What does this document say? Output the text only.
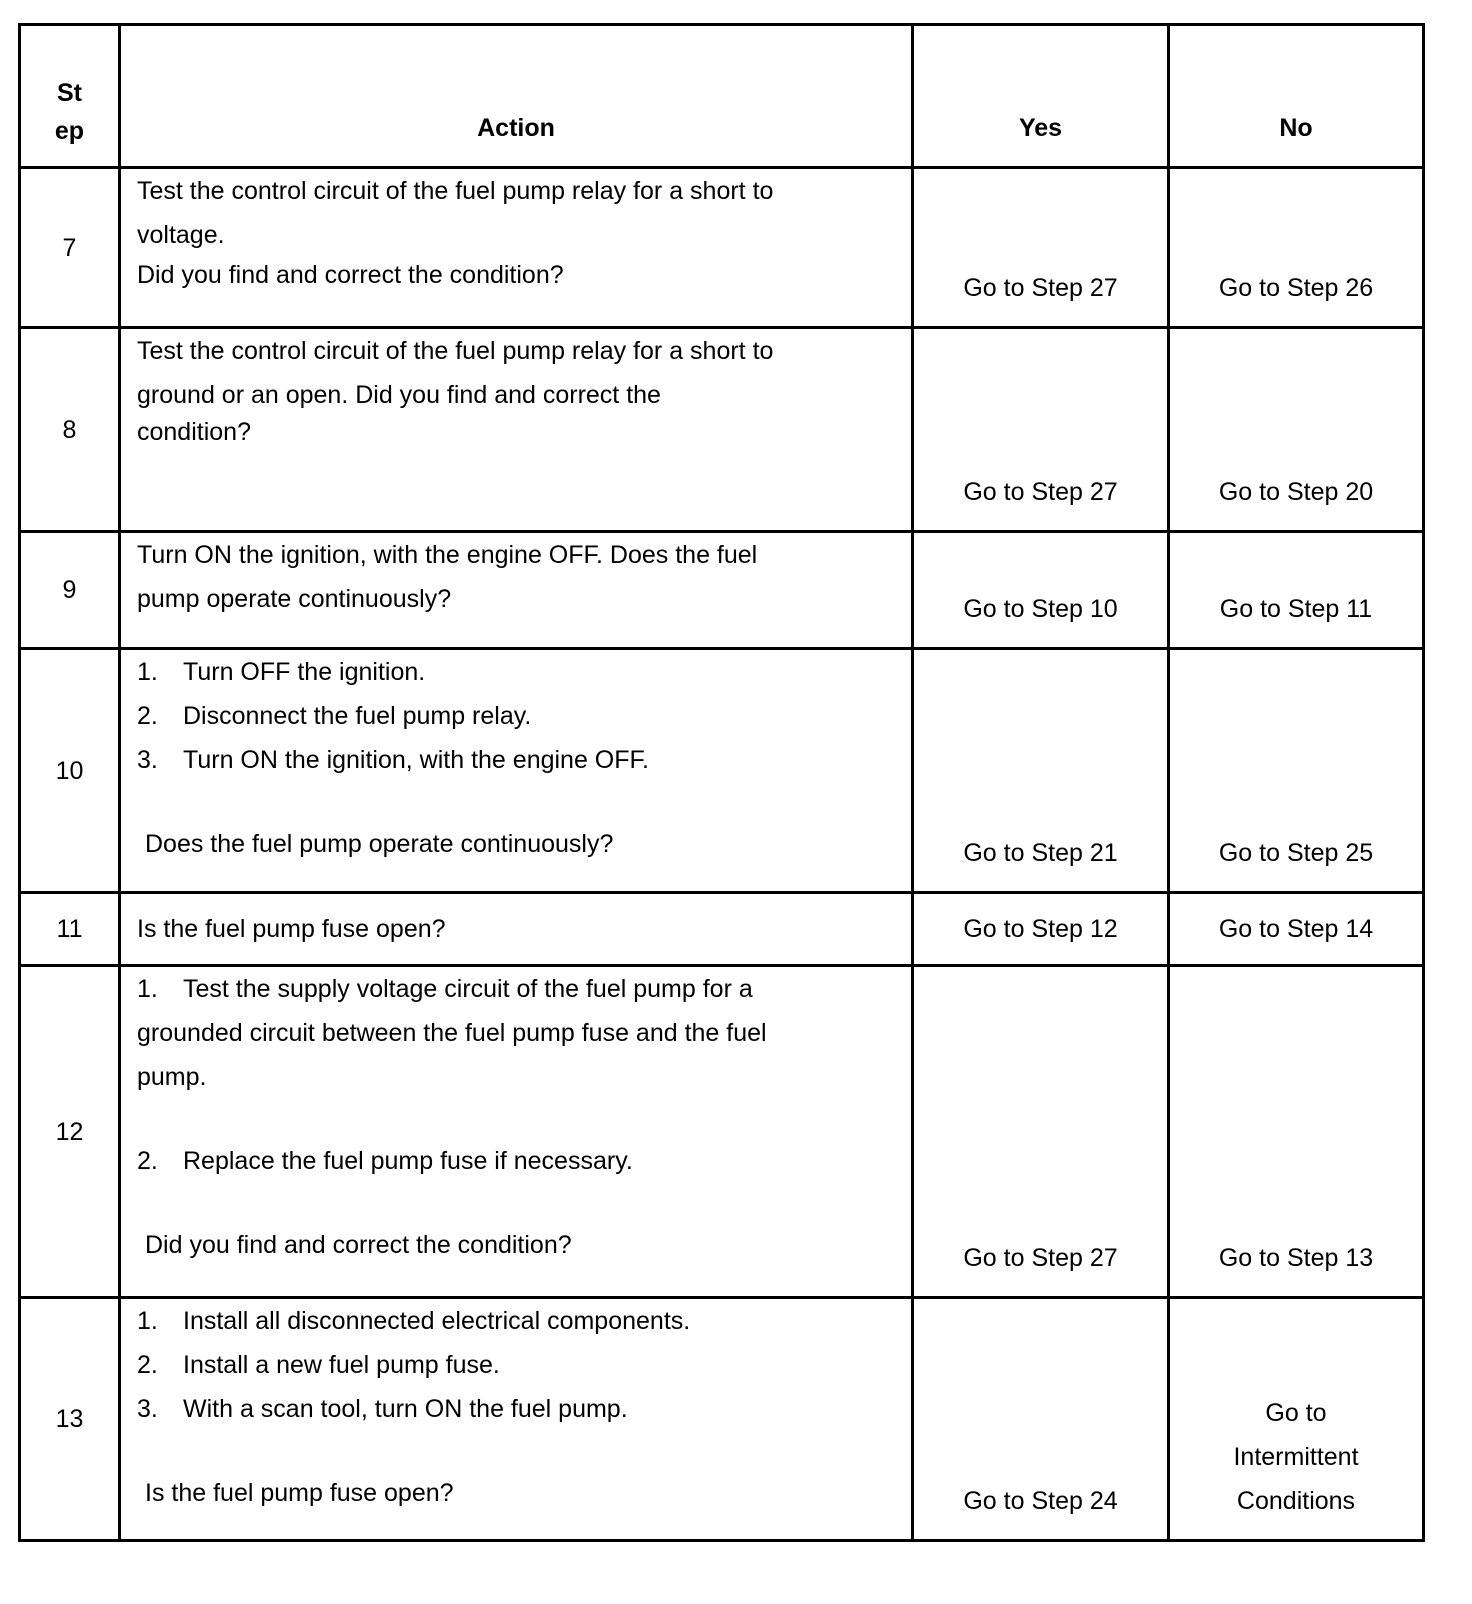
St
ep	Action	Yes	No
7	Test the control circuit of the fuel pump relay for a short to
voltage.
Did you find and correct the condition?	Go to Step 27	Go to Step 26
8	Test the control circuit of the fuel pump relay for a short to
ground or an open. Did you find and correct the
condition?	Go to Step 27	Go to Step 20
9	Turn ON the ignition, with the engine OFF. Does the fuel
pump operate continuously?	Go to Step 10	Go to Step 11
10	1. Turn OFF the ignition.
2. Disconnect the fuel pump relay.
3. Turn ON the ignition, with the engine OFF.
Does the fuel pump operate continuously?	Go to Step 21	Go to Step 25
11	Is the fuel pump fuse open?	Go to Step 12	Go to Step 14
12	1. Test the supply voltage circuit of the fuel pump for a
grounded circuit between the fuel pump fuse and the fuel
pump.
2. Replace the fuel pump fuse if necessary.
Did you find and correct the condition?	Go to Step 27	Go to Step 13
13	1. Install all disconnected electrical components.
2. Install a new fuel pump fuse.
3. With a scan tool, turn ON the fuel pump.
Is the fuel pump fuse open?	Go to Step 24	Go to
Intermittent
Conditions
